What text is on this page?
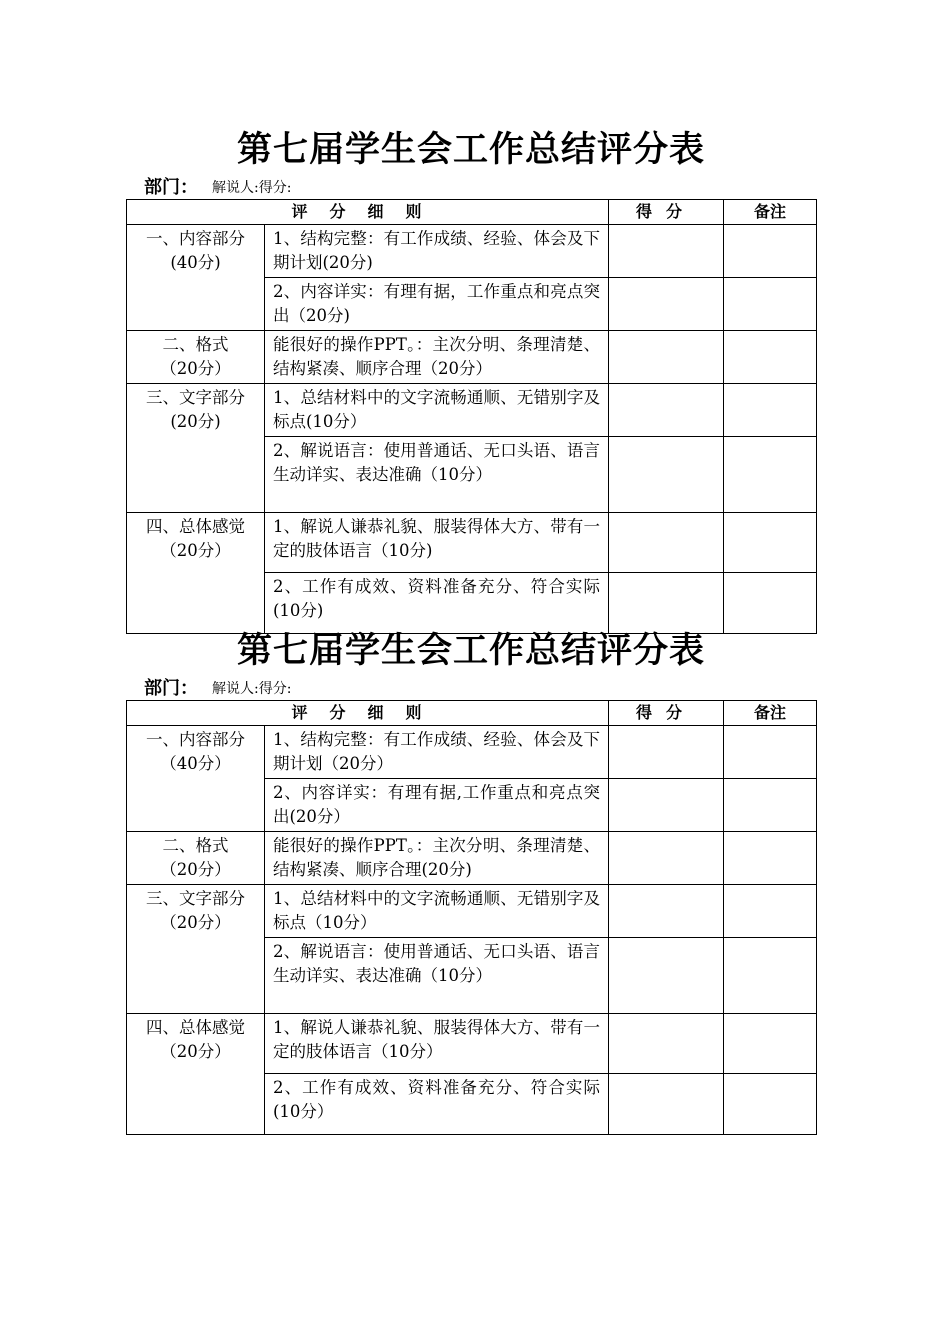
第七届学生会工作总结评分表
部门： 解说人:得分:
评分细则		得分	备注

一、内容部分
(40分)	1、结构完整：有工作成绩、经验、体会及下期计划(20分)		
	2、内容详实：有理有据，工作重点和亮点突出（20分)		

二、格式
（20分）	能很好的操作PPT。：主次分明、条理清楚、结构紧凑、顺序合理（20分）		

三、文字部分
(20分)	1、总结材料中的文字流畅通顺、无错别字及标点(10分）		
	2、解说语言：使用普通话、无口头语、语言生动详实、表达准确（10分）		

四、总体感觉
（20分）	1、解说人谦恭礼貌、服装得体大方、带有一定的肢体语言（10分)		
	2、工作有成效、资料准备充分、符合实际(10分)		
第七届学生会工作总结评分表
部门： 解说人:得分:
评分细则		得分	备注

一、内容部分
（40分）	1、结构完整：有工作成绩、经验、体会及下期计划（20分）		
	2、内容详实：有理有据,工作重点和亮点突出(20分）		

二、格式
（20分）	能很好的操作PPT。：主次分明、条理清楚、结构紧凑、顺序合理(20分)		

三、文字部分
（20分）	1、总结材料中的文字流畅通顺、无错别字及标点（10分）		
	2、解说语言：使用普通话、无口头语、语言生动详实、表达准确（10分）		

四、总体感觉
（20分）	1、解说人谦恭礼貌、服装得体大方、带有一定的肢体语言（10分）		
	2、工作有成效、资料准备充分、符合实际(10分）		
